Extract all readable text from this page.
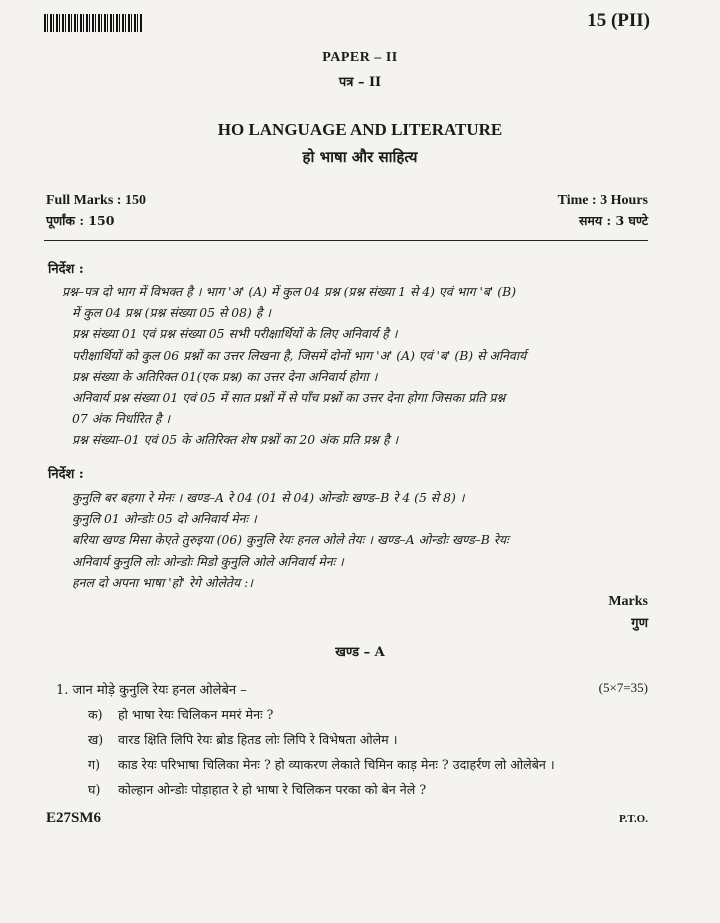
15 (PII)
PAPER – II
पत्र – II
HO LANGUAGE AND LITERATURE
हो भाषा और साहित्य
Full Marks : 150
पूर्णांक : 150
Time : 3 Hours
समय : 3 घण्टे
निर्देश :

प्रश्न–पत्र दो भाग में विभक्त है । भाग 'अ' (A) में कुल 04 प्रश्न (प्रश्न संख्या 1 से 4) एवं भाग 'ब' (B)

में कुल 04 प्रश्न (प्रश्न संख्या 05 से 08) है ।

प्रश्न संख्या 01 एवं प्रश्न संख्या 05 सभी परीक्षार्थियों के लिए अनिवार्य है ।

परीक्षार्थियों को कुल 06 प्रश्नों का उत्तर लिखना है, जिसमें दोनों भाग 'अ' (A) एवं 'ब' (B) से अनिवार्य

प्रश्न संख्या के अतिरिक्त 01(एक प्रश्न) का उत्तर देना अनिवार्य होगा ।

अनिवार्य प्रश्न संख्या 01 एवं 05 में सात प्रश्नों में से पाँच प्रश्नों का उत्तर देना होगा जिसका प्रति प्रश्न

07 अंक निर्धारित है ।

प्रश्न संख्या–01 एवं 05 के अतिरिक्त शेष प्रश्नों का 20 अंक प्रति प्रश्न है ।

निर्देश :

कुनुलि बर बहगा रे मेनः । खण्ड–A रे 04 (01 से 04) ओन्डोः खण्ड–B रे 4 (5 से 8) ।

कुनुलि 01 ओन्डोः 05 दो अनिवार्य मेनः ।

बरिया खण्ड मिसा केएते तुरुइया (06) कुनुलि रेयः हनल ओले तेयः । खण्ड–A ओन्डोः खण्ड–B रेयः

अनिवार्य कुनुलि लोः ओन्डोः मिडो कुनुलि ओले अनिवार्य मेनः ।

हनल दो अपना भाषा 'हो' रेगे ओलेतेय :।

Marks
गुण
खण्ड – A
1. जान मोड़े कुनुलि रेयः हनल ओलेबेन –	(5×7=35)
क) हो भाषा रेयः चिलिकन ममरं मेनः ?
ख) वारड क्षिति लिपि रेयः ब्रोड हितड लोः लिपि रे विभेषता ओलेम ।
ग) काड रेयः परिभाषा चिलिका मेनः ? हो व्याकरण लेकाते चिमिन काड़ मेनः ? उदाहर्रण लो ओलेबेन ।
घ) कोल्हान ओन्डोः पोड़ाहात रे हो भाषा रे चिलिकन परका को बेन नेले ?
E27SM6	P.T.O.
